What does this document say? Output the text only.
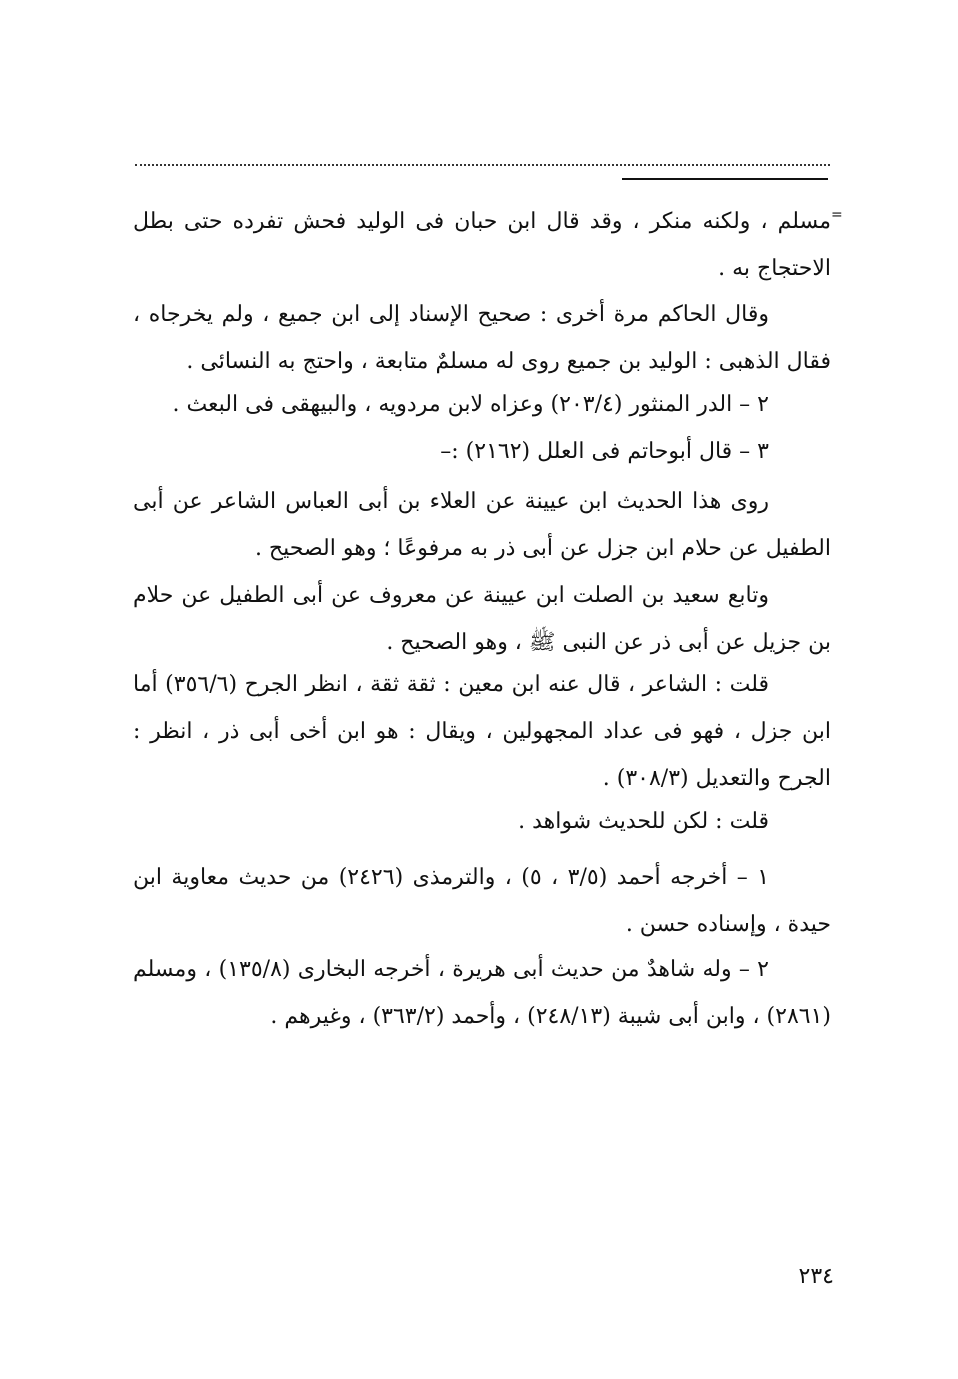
=

مسلم ، ولكنه منكر ، وقد قال ابن حبان فى الوليد فحش تفرده حتى بطل الاحتجاج به .

وقال الحاكم مرة أخرى : صحيح الإسناد إلى ابن جميع ، ولم يخرجاه ، فقال الذهبى : الوليد بن جميع روى له مسلمٌ متابعة ، واحتج به النسائى .

٢ – الدر المنثور (٢٠٣/٤) وعزاه لابن مردويه ، والبيهقى فى البعث .

٣ – قال أبوحاتم فى العلل (٢١٦٢) :–

روى هذا الحديث ابن عيينة عن العلاء بن أبى العباس الشاعر عن أبى الطفيل عن حلام ابن جزل عن أبى ذر به مرفوعًا ؛ وهو الصحيح .

وتابع سعيد بن الصلت ابن عيينة عن معروف عن أبى الطفيل عن حلام بن جزيل عن أبى ذر عن النبى ﷺ ، وهو الصحيح .

قلت : الشاعر ، قال عنه ابن معين : ثقة ثقة ، انظر الجرح (٣٥٦/٦) أما ابن جزل ، فهو فى عداد المجهولين ، ويقال : هو ابن أخى أبى ذر ، انظر : الجرح والتعديل (٣٠٨/٣) .

قلت : لكن للحديث شواهد .

١ – أخرجه أحمد (٣/٥ ، ٥) ، والترمذى (٢٤٢٦) من حديث معاوية ابن حيدة ، وإسناده حسن .

٢ – وله شاهدٌ من حديث أبى هريرة ، أخرجه البخارى (١٣٥/٨) ، ومسلم (٢٨٦١) ، وابن أبى شيبة (٢٤٨/١٣) ، وأحمد (٣٦٣/٢) ، وغيرهم .

٢٣٤
